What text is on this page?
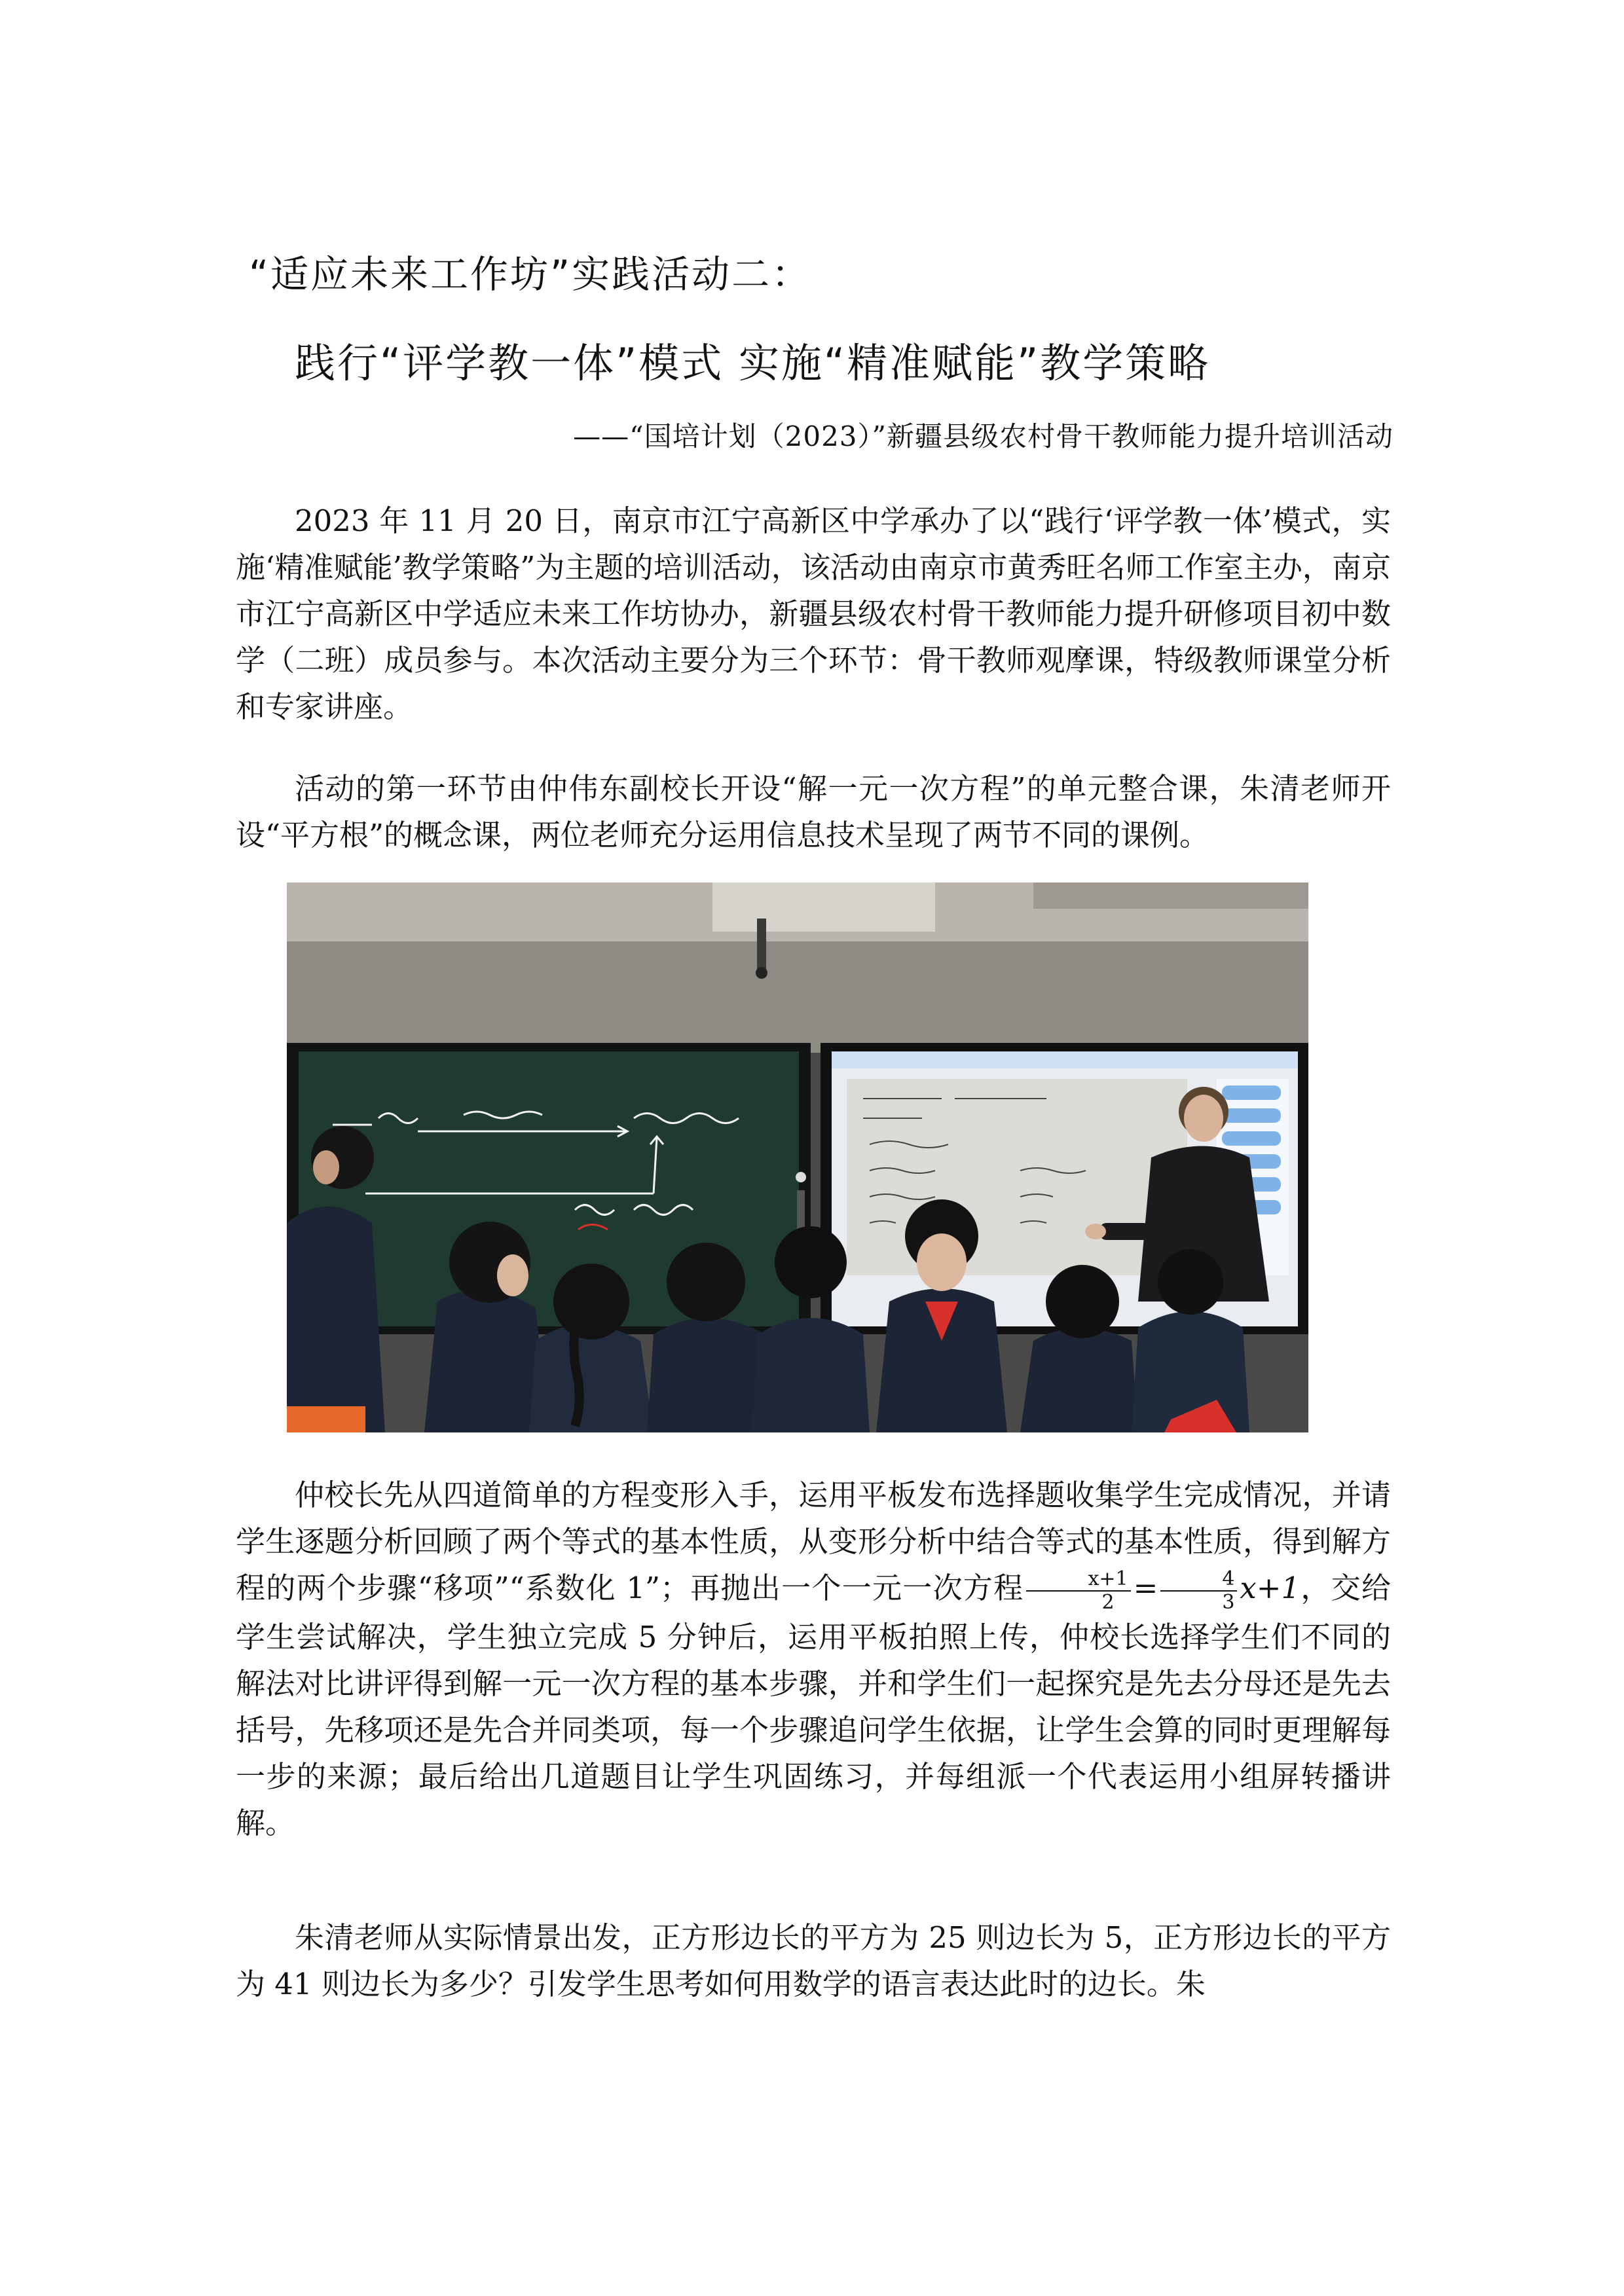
“适应未来工作坊”实践活动二：
践行“评学教一体”模式 实施“精准赋能”教学策略
——“国培计划（2023）”新疆县级农村骨干教师能力提升培训活动

2023 年 11 月 20 日，南京市江宁高新区中学承办了以“践行‘评学教一体’模式，实施‘精准赋能’教学策略”为主题的培训活动，该活动由南京市黄秀旺名师工作室主办，南京市江宁高新区中学适应未来工作坊协办，新疆县级农村骨干教师能力提升研修项目初中数学（二班）成员参与。本次活动主要分为三个环节：骨干教师观摩课，特级教师课堂分析和专家讲座。

活动的第一环节由仲伟东副校长开设“解一元一次方程”的单元整合课，朱清老师开设“平方根”的概念课，两位老师充分运用信息技术呈现了两节不同的课例。

仲校长先从四道简单的方程变形入手，运用平板发布选择题收集学生完成情况，并请学生逐题分析回顾了两个等式的基本性质，从变形分析中结合等式的基本性质，得到解方程的两个步骤“移项”“系数化 1”；再抛出一个一元一次方程 $\frac{x+1}{2} = \frac{4}{3} x+1$，交给学生尝试解决，学生独立完成 5 分钟后，运用平板拍照上传，仲校长选择学生们不同的解法对比讲评得到解一元一次方程的基本步骤，并和学生们一起探究是先去分母还是先去括号，先移项还是先合并同类项，每一个步骤追问学生依据，让学生会算的同时更理解每一步的来源；最后给出几道题目让学生巩固练习，并每组派一个代表运用小组屏转播讲解。

朱清老师从实际情景出发，正方形边长的平方为 25 则边长为 5，正方形边长的平方为 41 则边长为多少？引发学生思考如何用数学的语言表达此时的边长。朱
